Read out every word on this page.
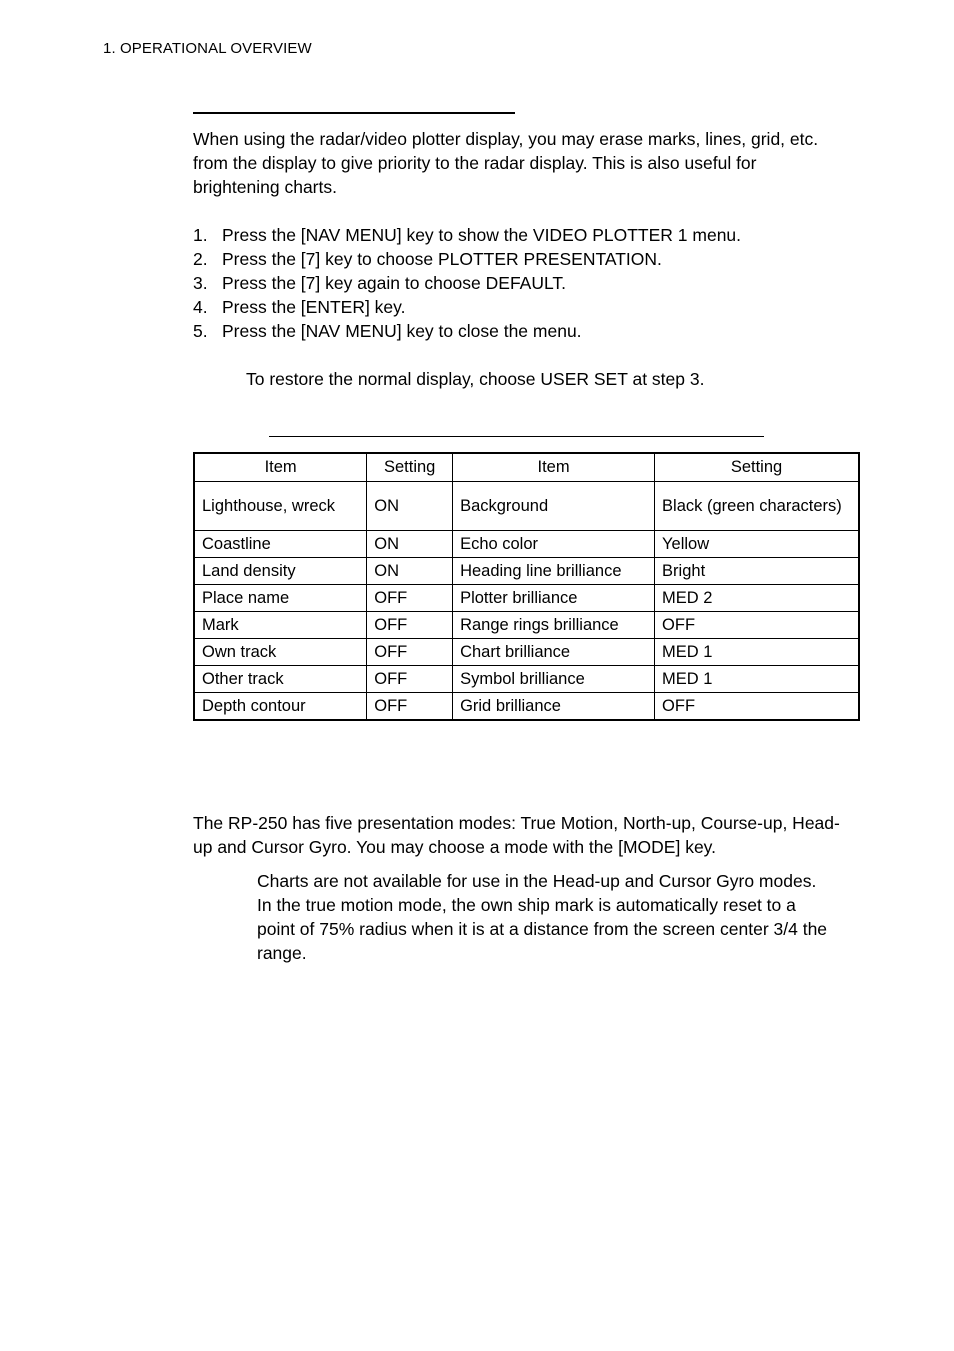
1. OPERATIONAL OVERVIEW

When using the radar/video plotter display, you may erase marks, lines, grid, etc. from the display to give priority to the radar display. This is also useful for brightening charts.

1. Press the [NAV MENU] key to show the VIDEO PLOTTER 1 menu.
2. Press the [7] key to choose PLOTTER PRESENTATION.
3. Press the [7] key again to choose DEFAULT.
4. Press the [ENTER] key.
5. Press the [NAV MENU] key to close the menu.

To restore the normal display, choose USER SET at step 3.

Item	Setting	Item	Setting
Lighthouse, wreck	ON	Background	Black (green characters)
Coastline	ON	Echo color	Yellow
Land density	ON	Heading line brilliance	Bright
Place name	OFF	Plotter brilliance	MED 2
Mark	OFF	Range rings brilliance	OFF
Own track	OFF	Chart brilliance	MED 1
Other track	OFF	Symbol brilliance	MED 1
Depth contour	OFF	Grid brilliance	OFF

The RP-250 has five presentation modes: True Motion, North-up, Course-up, Head-up and Cursor Gyro. You may choose a mode with the [MODE] key.

Charts are not available for use in the Head-up and Cursor Gyro modes.

In the true motion mode, the own ship mark is automatically reset to a point of 75% radius when it is at a distance from the screen center 3/4 the range.
